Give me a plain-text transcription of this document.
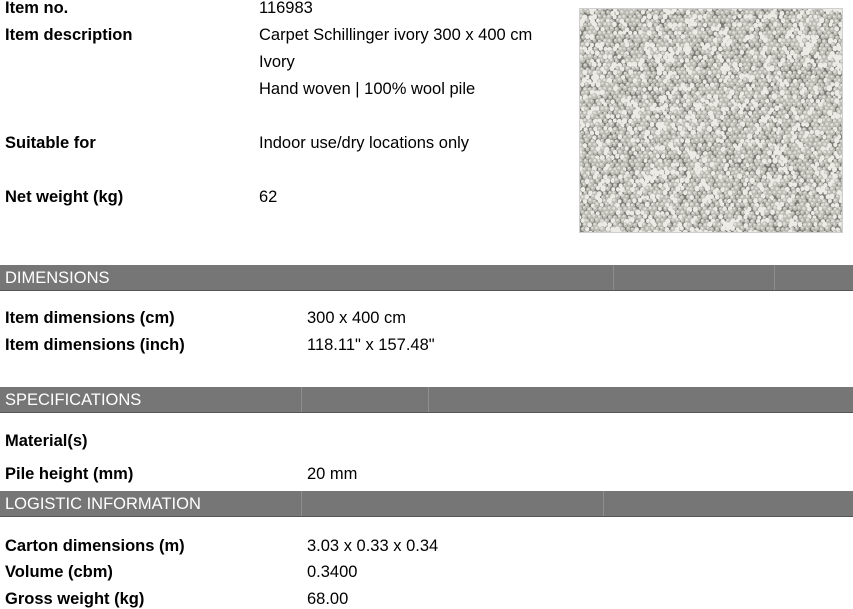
Item no.	116983
Item description	Carpet Schillinger ivory 300 x 400 cm
Ivory
Hand woven | 100% wool pile
Suitable for	Indoor use/dry locations only
Net weight (kg)	62
DIMENSIONS
Item dimensions (cm)	300 x 400 cm
Item dimensions (inch)	118.11" x 157.48"
SPECIFICATIONS
Material(s)
Pile height (mm)	20 mm
LOGISTIC INFORMATION
Carton dimensions (m)	3.03 x 0.33 x 0.34
Volume (cbm)	0.3400
Gross weight (kg)	68.00
